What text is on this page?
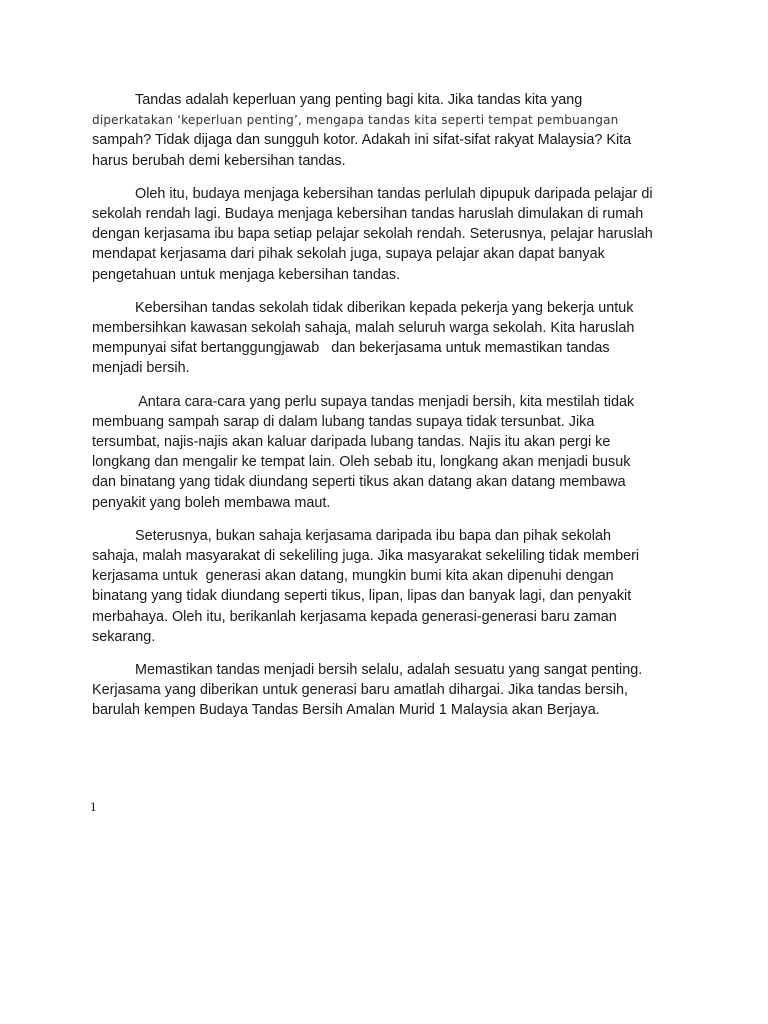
Tandas adalah keperluan yang penting bagi kita. Jika tandas kita yang
diperkatakan ‘keperluan penting’, mengapa tandas kita seperti tempat pembuangan
sampah? Tidak dijaga dan sungguh kotor. Adakah ini sifat-sifat rakyat Malaysia? Kita
harus berubah demi kebersihan tandas.

Oleh itu, budaya menjaga kebersihan tandas perlulah dipupuk daripada pelajar di
sekolah rendah lagi. Budaya menjaga kebersihan tandas haruslah dimulakan di rumah
dengan kerjasama ibu bapa setiap pelajar sekolah rendah. Seterusnya, pelajar haruslah
mendapat kerjasama dari pihak sekolah juga, supaya pelajar akan dapat banyak
pengetahuan untuk menjaga kebersihan tandas.

Kebersihan tandas sekolah tidak diberikan kepada pekerja yang bekerja untuk
membersihkan kawasan sekolah sahaja, malah seluruh warga sekolah. Kita haruslah
mempunyai sifat bertanggungjawab   dan bekerjasama untuk memastikan tandas
menjadi bersih.

Antara cara-cara yang perlu supaya tandas menjadi bersih, kita mestilah tidak
membuang sampah sarap di dalam lubang tandas supaya tidak tersunbat. Jika
tersumbat, najis-najis akan kaluar daripada lubang tandas. Najis itu akan pergi ke
longkang dan mengalir ke tempat lain. Oleh sebab itu, longkang akan menjadi busuk
dan binatang yang tidak diundang seperti tikus akan datang akan datang membawa
penyakit yang boleh membawa maut.

Seterusnya, bukan sahaja kerjasama daripada ibu bapa dan pihak sekolah
sahaja, malah masyarakat di sekeliling juga. Jika masyarakat sekeliling tidak memberi
kerjasama untuk  generasi akan datang, mungkin bumi kita akan dipenuhi dengan
binatang yang tidak diundang seperti tikus, lipan, lipas dan banyak lagi, dan penyakit
merbahaya. Oleh itu, berikanlah kerjasama kepada generasi-generasi baru zaman
sekarang.

Memastikan tandas menjadi bersih selalu, adalah sesuatu yang sangat penting.
Kerjasama yang diberikan untuk generasi baru amatlah dihargai. Jika tandas bersih,
barulah kempen Budaya Tandas Bersih Amalan Murid 1 Malaysia akan Berjaya.

1
